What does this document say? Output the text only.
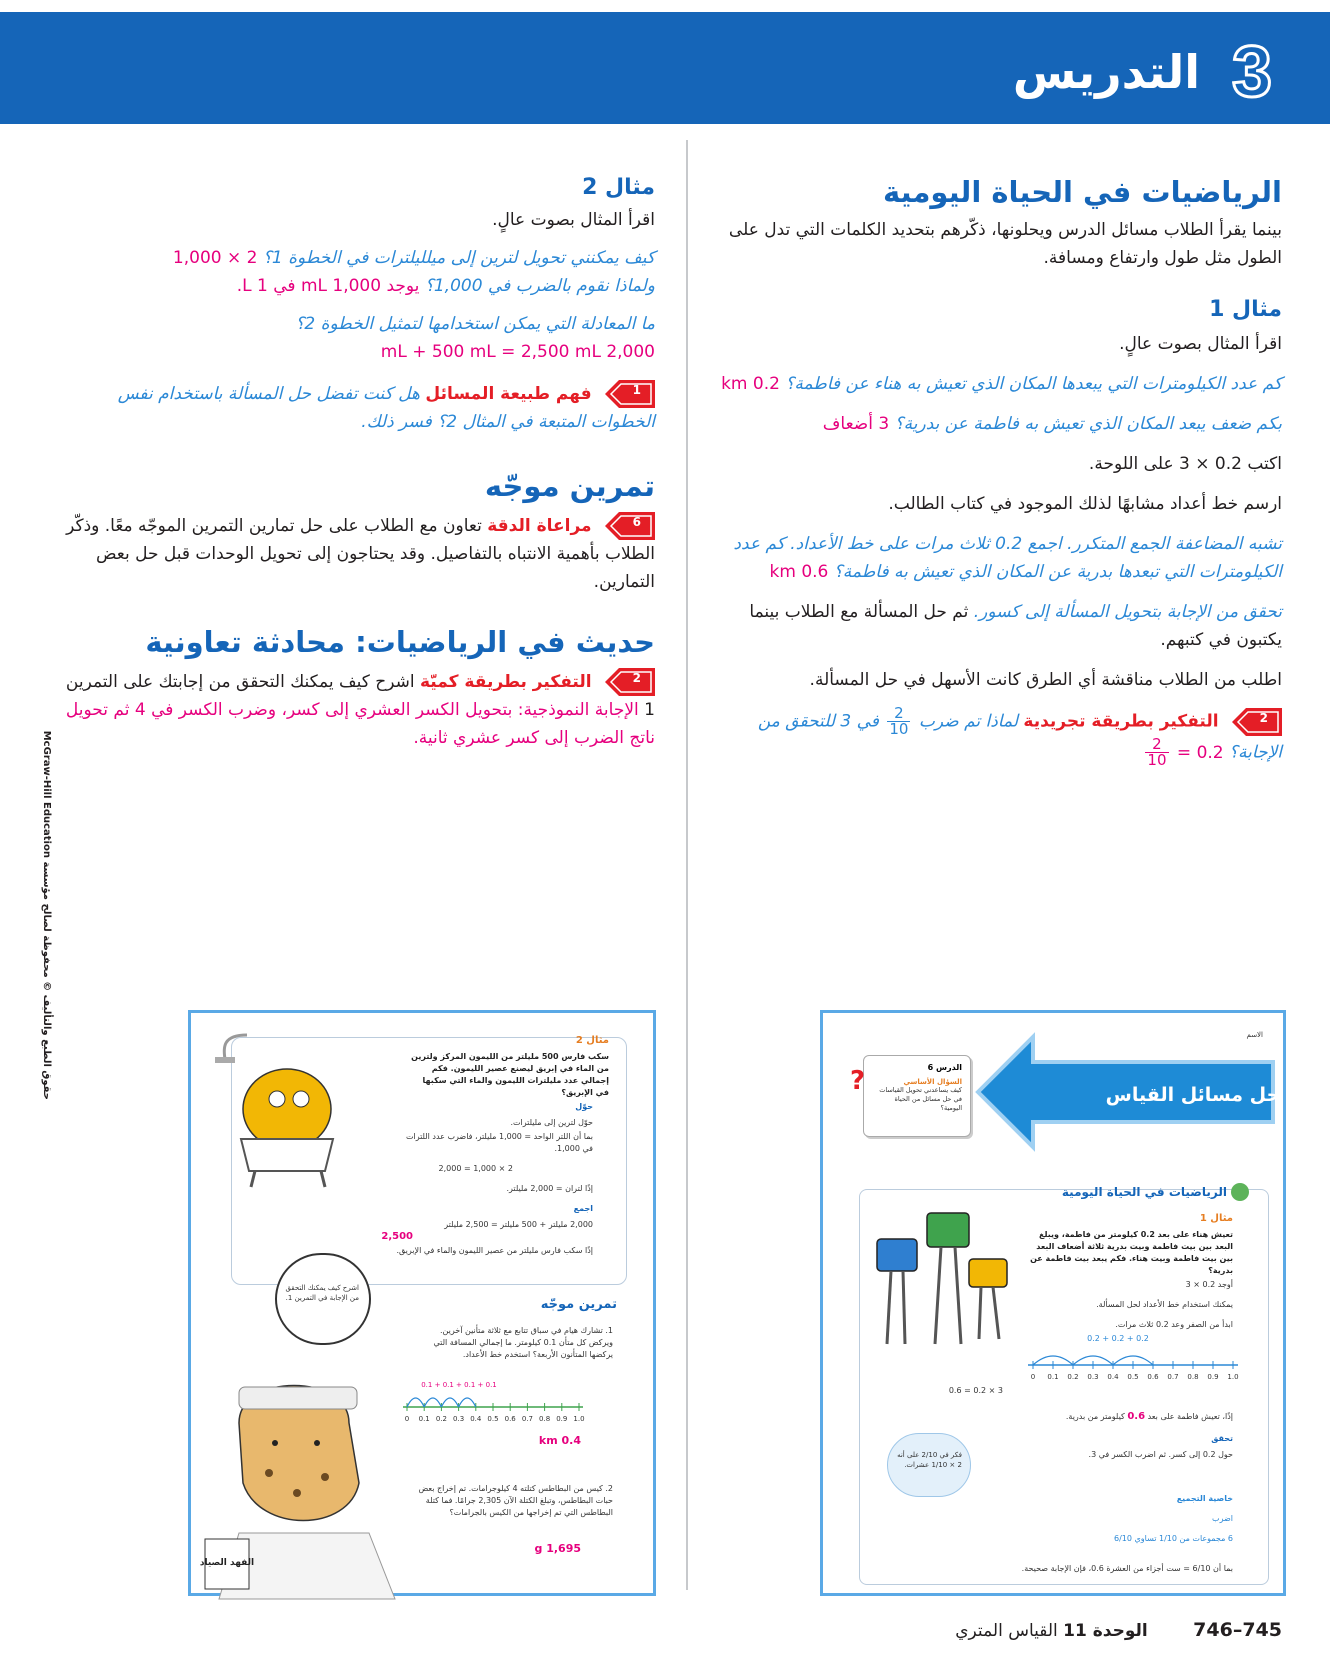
3
التدريس
الرياضيات في الحياة اليومية
بينما يقرأ الطلاب مسائل الدرس ويحلونها، ذكّرهم بتحديد الكلمات التي تدل على الطول مثل طول وارتفاع ومسافة.
مثال 1
اقرأ المثال بصوت عالٍ.
كم عدد الكيلومترات التي يبعدها المكان الذي تعيش به هناء عن فاطمة؟ 0.2 km
بكم ضعف يبعد المكان الذي تعيش به فاطمة عن بدرية؟ 3 أضعاف
اكتب 0.2 × 3 على اللوحة.
ارسم خط أعداد مشابهًا لذلك الموجود في كتاب الطالب.
تشبه المضاعفة الجمع المتكرر. اجمع 0.2 ثلاث مرات على خط الأعداد. كم عدد الكيلومترات التي تبعدها بدرية عن المكان الذي تعيش به فاطمة؟ 0.6 km
تحقق من الإجابة بتحويل المسألة إلى كسور. ثم حل المسألة مع الطلاب بينما يكتبون في كتبهم.
اطلب من الطلاب مناقشة أي الطرق كانت الأسهل في حل المسألة.
2
التفكير بطريقة تجريدية لماذا تم ضرب
$\frac{2}{10}$
في 3 للتحقق من الإجابة؟ 0.2 =
$\frac{2}{10}$
مثال 2
اقرأ المثال بصوت عالٍ.
كيف يمكنني تحويل لترين إلى ميلليلترات في الخطوة 1؟ 2 × 1,000
ولماذا نقوم بالضرب في 1,000؟ يوجد 1,000 mL في 1 L.
ما المعادلة التي يمكن استخدامها لتمثيل الخطوة 2؟
2,000 mL + 500 mL = 2,500 mL
1
فهم طبيعة المسائل هل كنت تفضل حل المسألة باستخدام نفس الخطوات المتبعة في المثال 2؟ فسر ذلك.
تمرين موجّه
6
مراعاة الدقة تعاون مع الطلاب على حل تمارين التمرين الموجّه معًا. وذكّر الطلاب بأهمية الانتباه بالتفاصيل. وقد يحتاجون إلى تحويل الوحدات قبل حل بعض التمارين.
حديث في الرياضيات: محادثة تعاونية
2
التفكير بطريقة كميّة اشرح كيف يمكنك التحقق من إجابتك على التمرين 1 الإجابة النموذجية: بتحويل الكسر العشري إلى كسر، وضرب الكسر في 4 ثم تحويل ناتج الضرب إلى كسر عشري ثانية.
الاسم
حل مسائل القياس
الدرس 6
السؤال الأساسي
كيف يساعدني تحويل القياسات في حل مسائل من الحياة اليومية؟
?
الرياضيات في الحياة اليومية
مثال 1
تعيش هناء على بعد 0.2 كيلومتر من فاطمة، ويبلغ البعد بين بيت فاطمة وبيت بدرية ثلاثة أضعاف البعد بين بيت فاطمة وبيت هناء. فكم يبعد بيت فاطمة عن بدرية؟
أوجد 0.2 × 3
يمكنك استخدام خط الأعداد لحل المسألة.
ابدأ من الصفر وعد 0.2 ثلاث مرات.
0.2 + 0.2 + 0.2
0 0.1 0.2 0.3 0.4 0.5 0.6 0.7 0.8 0.9 1.0
3 × 0.2 = 0.6
إذًا، تعيش فاطمة على بعد 0.6 كيلومتر من بدرية.
تحقق
حول 0.2 إلى كسر. ثم اضرب الكسر في 3.
فكر في 2/10 على أنه 2 × 1/10 عشرات.
خاصية التجميع
اضرب
6 مجموعات من 1/10 تساوي 6/10
بما أن 6/10 = ست أجزاء من العشرة 0.6، فإن الإجابة صحيحة.
مثال 2
سكب فارس 500 مليلتر من الليمون المركز ولترين من الماء في إبريق ليصنع عصير الليمون. فكم إجمالي عدد مليلترات الليمون والماء التي سكبها في الإبريق؟
حوّل
حوّل لترين إلى مليلترات.
بما أن اللتر الواحد = 1,000 مليلتر، فاضرب عدد اللترات في 1,000.
2 × 1,000 = 2,000
إذًا لتران = 2,000 مليلتر.
اجمع
2,000 مليلتر + 500 مليلتر = 2,500 مليلتر
2,500
إذًا سكب فارس مليلتر من عصير الليمون والماء في الإبريق.
تمرين موجّه
1. تشارك هيام في سباق تتابع مع ثلاثة متأنين آخرين. ويركض كل متأن 0.1 كيلومتر. ما إجمالي المسافة التي يركضها المتأنون الأربعة؟ استخدم خط الأعداد.
0.1 + 0.1 + 0.1 + 0.1
0 0.1 0.2 0.3 0.4 0.5 0.6 0.7 0.8 0.9 1.0
0.4 km
2. كيس من البطاطس كتلته 4 كيلوجرامات. تم إخراج بعض حبات البطاطس، وتبلغ الكتلة الآن 2,305 جرامًا. فما كتلة البطاطس التي تم إخراجها من الكيس بالجرامات؟
1,695 g
اشرح كيف يمكنك التحقق من الإجابة في التمرين 1.
الفهد الصياد
حقوق الطبع والتأليف © محفوظة لصالح مؤسسة McGraw-Hill Education
745–746 الوحدة 11 القياس المتري
